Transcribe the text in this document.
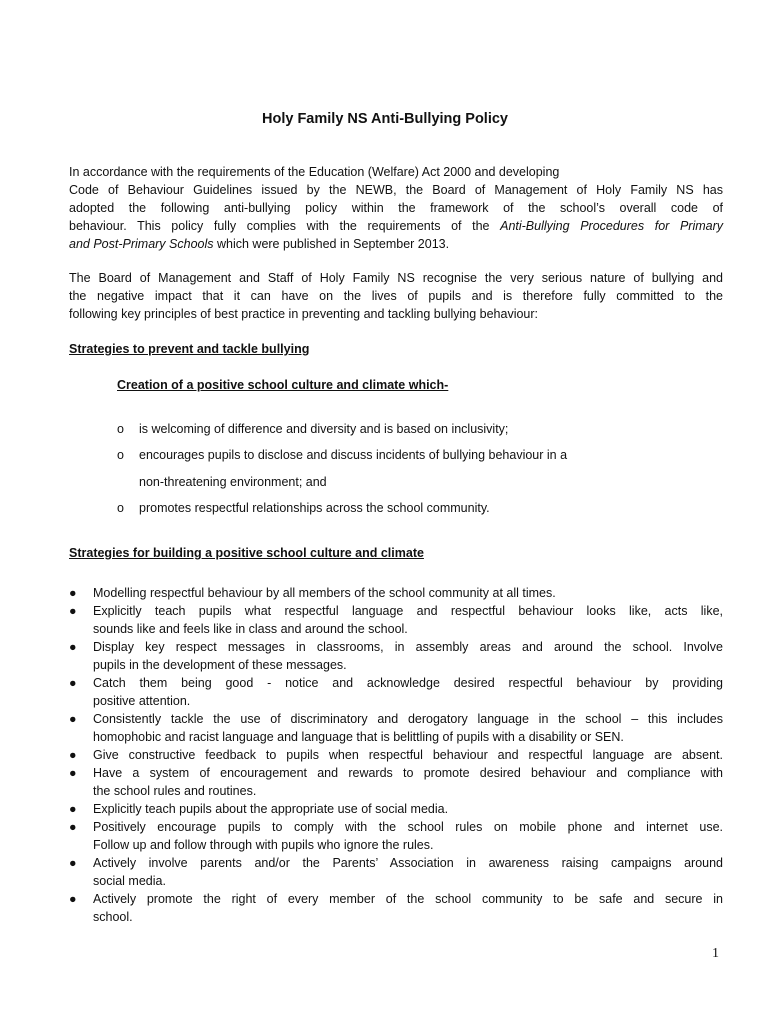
Holy Family NS Anti-Bullying Policy
In accordance with the requirements of the Education (Welfare) Act 2000 and developing
Code of Behaviour Guidelines issued by the NEWB, the Board of Management of Holy Family NS has
adopted the following anti-bullying policy within the framework of the school’s overall code of
behaviour. This policy fully complies with the requirements of the Anti-Bullying Procedures for Primary
and Post-Primary Schools which were published in September 2013.
The Board of Management and Staff of Holy Family NS recognise the very serious nature of bullying and
the negative impact that it can have on the lives of pupils and is therefore fully committed to the
following key principles of best practice in preventing and tackling bullying behaviour:
Strategies to prevent and tackle bullying
Creation of a positive school culture and climate which-
o is welcoming of difference and diversity and is based on inclusivity;
o encourages pupils to disclose and discuss incidents of bullying behaviour in a
non-threatening environment; and
o promotes respectful relationships across the school community.
Strategies for building a positive school culture and climate
●	Modelling respectful behaviour by all members of the school community at all times.
●	Explicitly teach pupils what respectful language and respectful behaviour looks like, acts like,
sounds like and feels like in class and around the school.
●	Display key respect messages in classrooms, in assembly areas and around the school. Involve
pupils in the development of these messages.
●	Catch them being good - notice and acknowledge desired respectful behaviour by providing
positive attention.
●	Consistently tackle the use of discriminatory and derogatory language in the school – this includes
homophobic and racist language and language that is belittling of pupils with a disability or SEN.
●	Give constructive feedback to pupils when respectful behaviour and respectful language are absent.
●	Have a system of encouragement and rewards to promote desired behaviour and compliance with
the school rules and routines.
●	Explicitly teach pupils about the appropriate use of social media.
●	Positively encourage pupils to comply with the school rules on mobile phone and internet use.
Follow up and follow through with pupils who ignore the rules.
●	Actively involve parents and/or the Parents’ Association in awareness raising campaigns around
social media.
●	Actively promote the right of every member of the school community to be safe and secure in
school.
1
